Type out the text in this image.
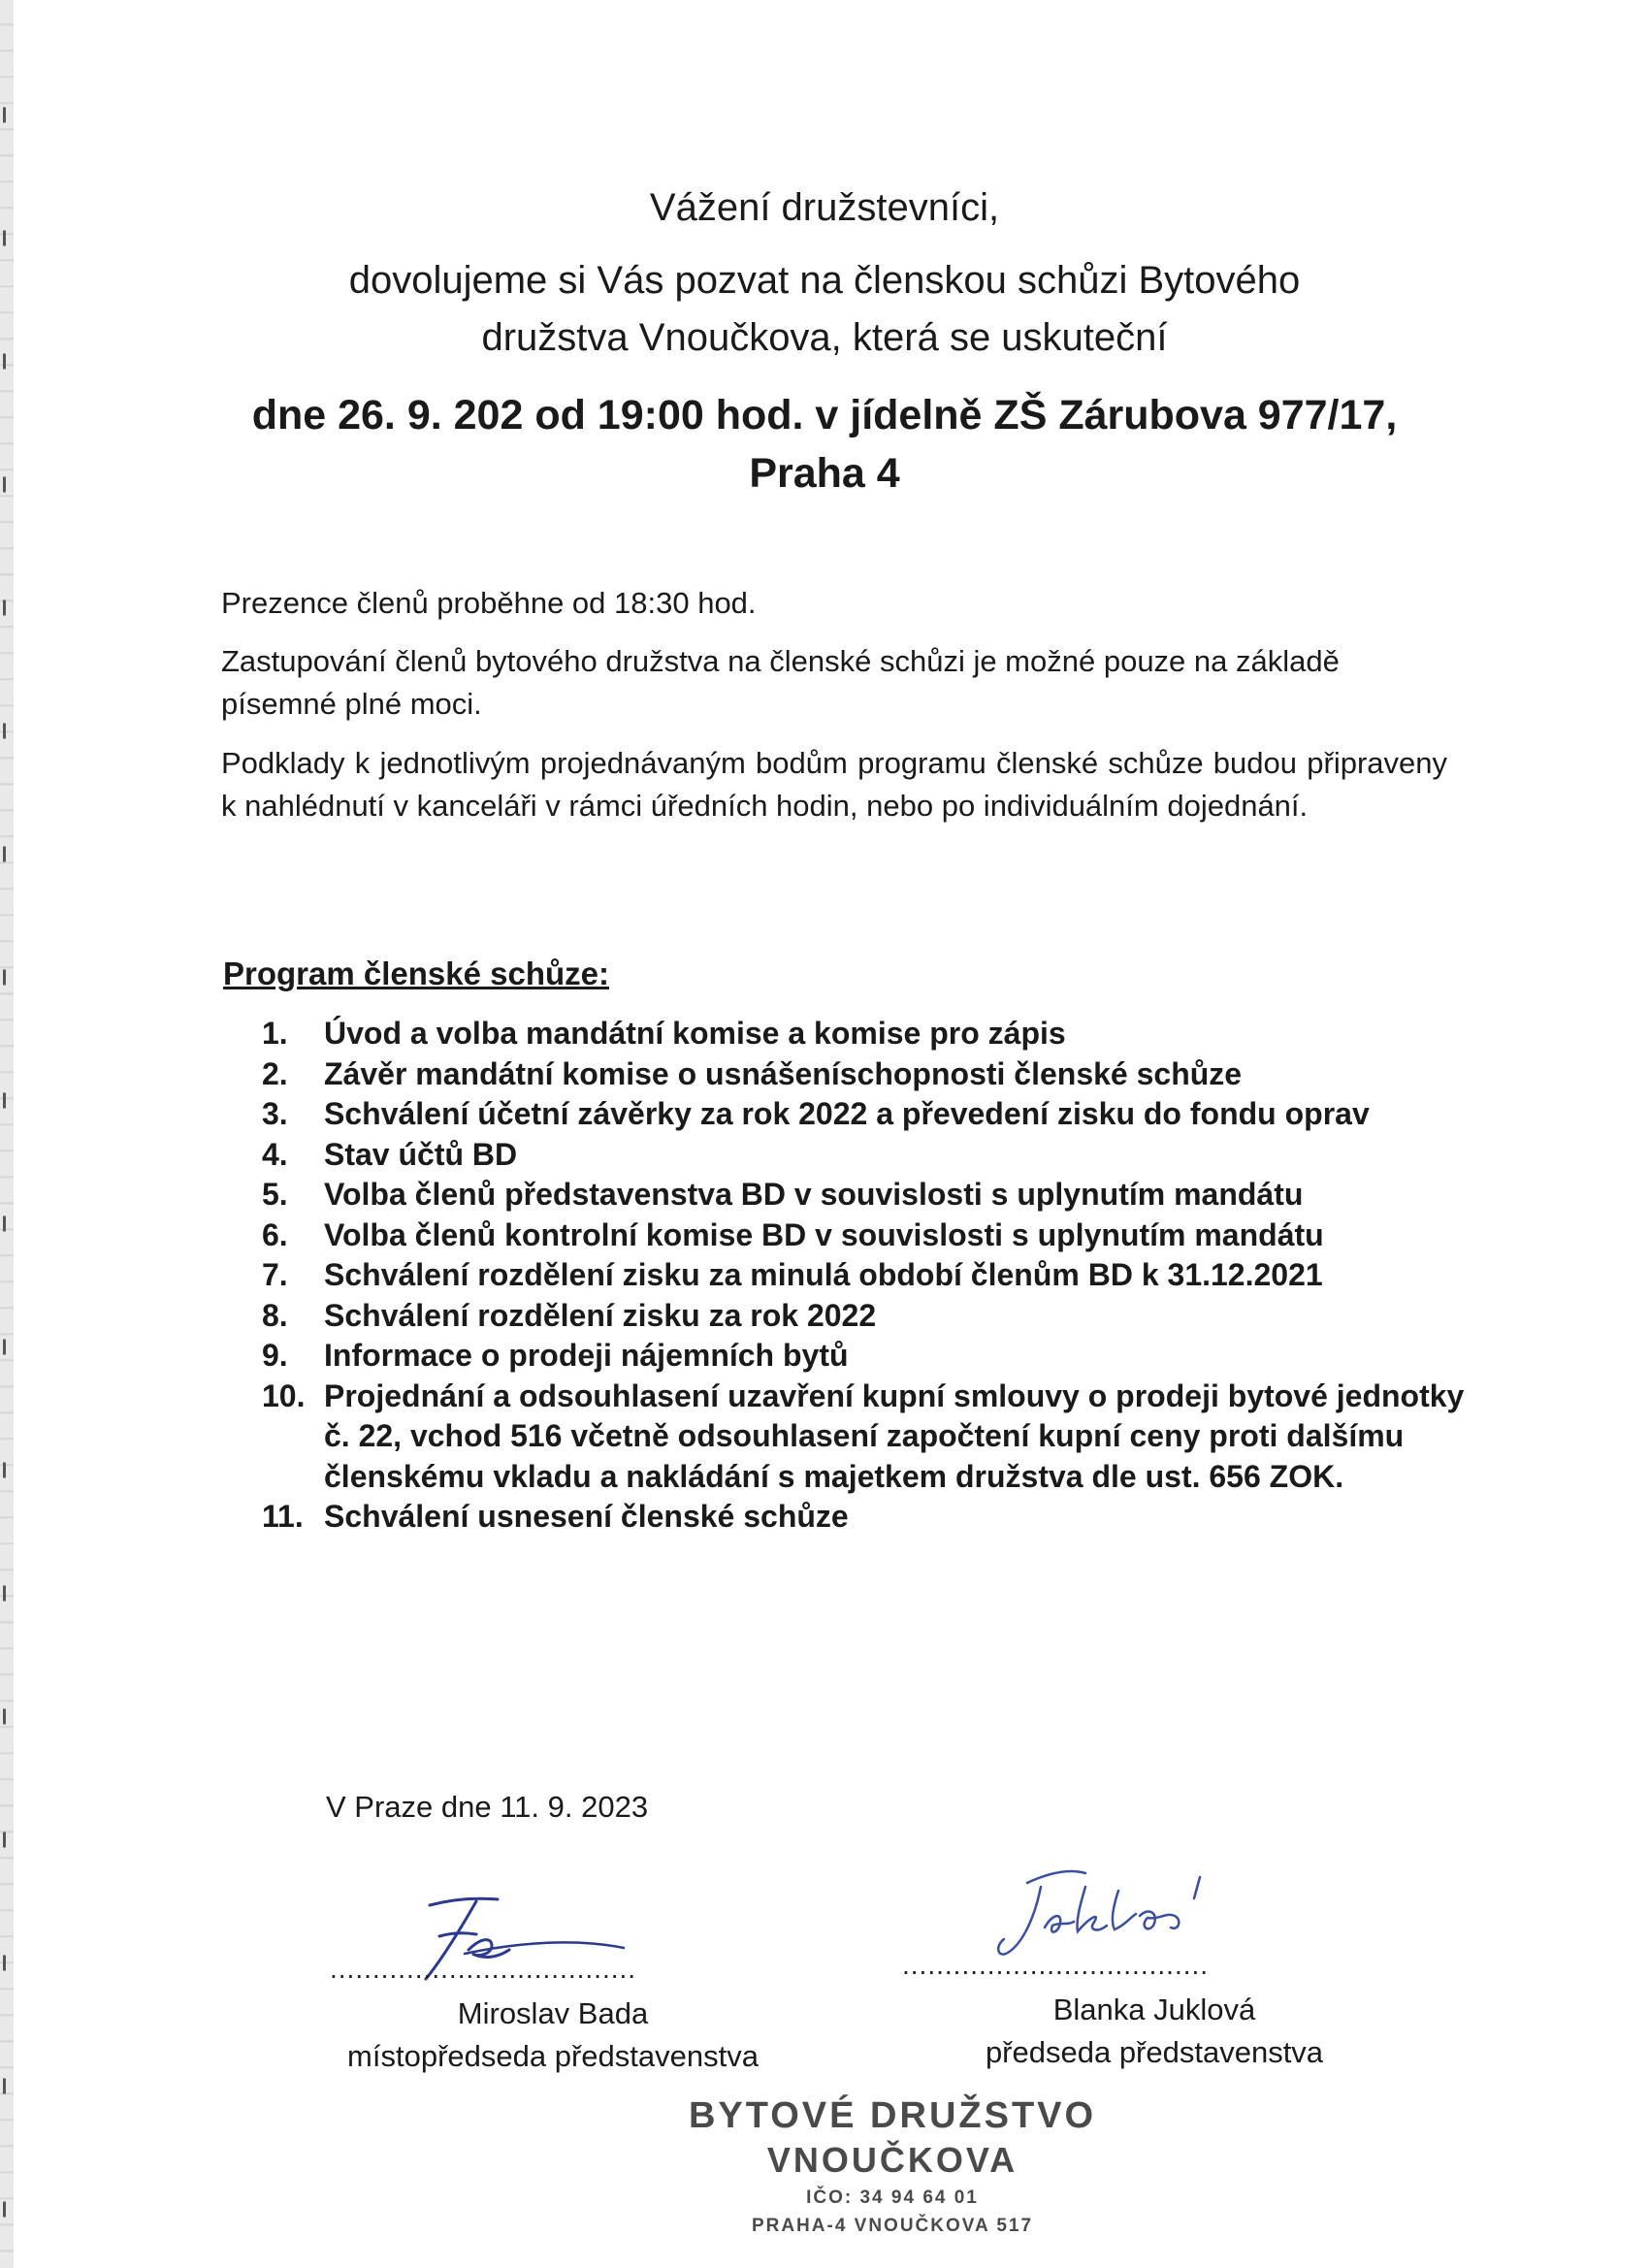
Vážení družstevníci,

dovolujeme si Vás pozvat na členskou schůzi Bytového

družstva Vnoučkova, která se uskuteční

dne 26. 9. 202 od 19:00 hod. v jídelně ZŠ Zárubova 977/17,

Praha 4

Prezence členů proběhne od 18:30 hod.

Zastupování členů bytového družstva na členské schůzi je možné pouze na základě písemné plné moci.

Podklady k jednotlivým projednávaným bodům programu členské schůze budou připraveny k nahlédnutí v kanceláři v rámci úředních hodin, nebo po individuálním dojednání.

Program členské schůze:

1.	Úvod a volba mandátní komise a komise pro zápis
2.	Závěr mandátní komise o usnášeníschopnosti členské schůze
3.	Schválení účetní závěrky za rok 2022 a převedení zisku do fondu oprav
4.	Stav účtů BD
5.	Volba členů představenstva BD v souvislosti s uplynutím mandátu
6.	Volba členů kontrolní komise BD v souvislosti s uplynutím mandátu
7.	Schválení rozdělení zisku za minulá období členům BD k 31.12.2021
8.	Schválení rozdělení zisku za rok 2022
9.	Informace o prodeji nájemních bytů
10. Projednání a odsouhlasení uzavření kupní smlouvy o prodeji bytové jednotky č. 22, vchod 516 včetně odsouhlasení započtení kupní ceny proti dalšímu členskému vkladu a nakládání s majetkem družstva dle ust. 656 ZOK.
11. Schválení usnesení členské schůze

V Praze dne 11. 9. 2023

....................................	....................................

Miroslav Bada
místopředseda představenstva
Blanka Juklová
předseda představenstva
BYTOVÉ DRUŽSTVO
VNOUČKOVA
IČO: 34 94 64 01
PRAHA-4 VNOUČKOVA 517
